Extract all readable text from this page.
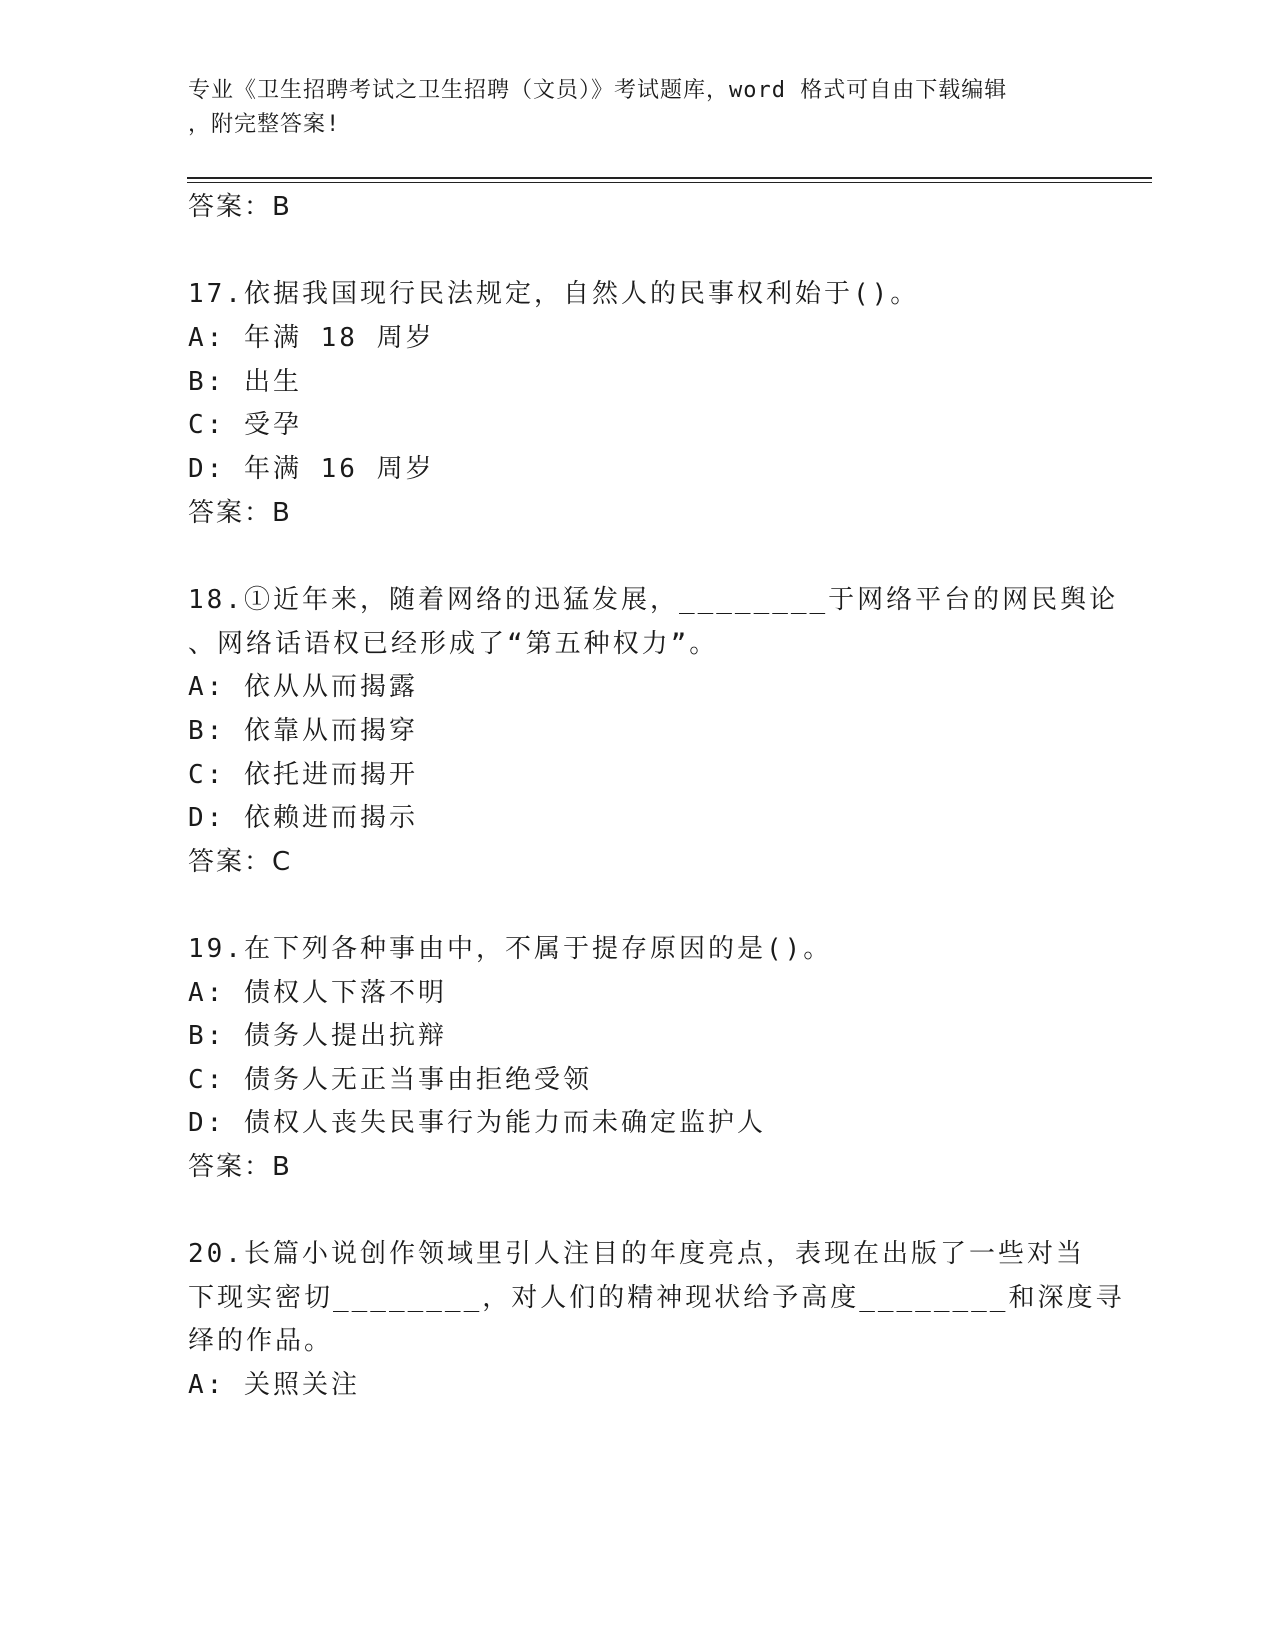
专业《卫生招聘考试之卫生招聘（文员）》考试题库，word 格式可自由下载编辑
，附完整答案!
答案：B
17.依据我国现行民法规定，自然人的民事权利始于()。
A: 年满 18 周岁
B: 出生
C: 受孕
D: 年满 16 周岁
答案：B
18.①近年来，随着网络的迅猛发展，________于网络平台的网民舆论
、网络话语权已经形成了“第五种权力”。
A: 依从从而揭露
B: 依靠从而揭穿
C: 依托进而揭开
D: 依赖进而揭示
答案：C
19.在下列各种事由中，不属于提存原因的是()。
A: 债权人下落不明
B: 债务人提出抗辩
C: 债务人无正当事由拒绝受领
D: 债权人丧失民事行为能力而未确定监护人
答案：B
20.长篇小说创作领域里引人注目的年度亮点，表现在出版了一些对当
下现实密切________，对人们的精神现状给予高度________和深度寻
绎的作品。
A: 关照关注
